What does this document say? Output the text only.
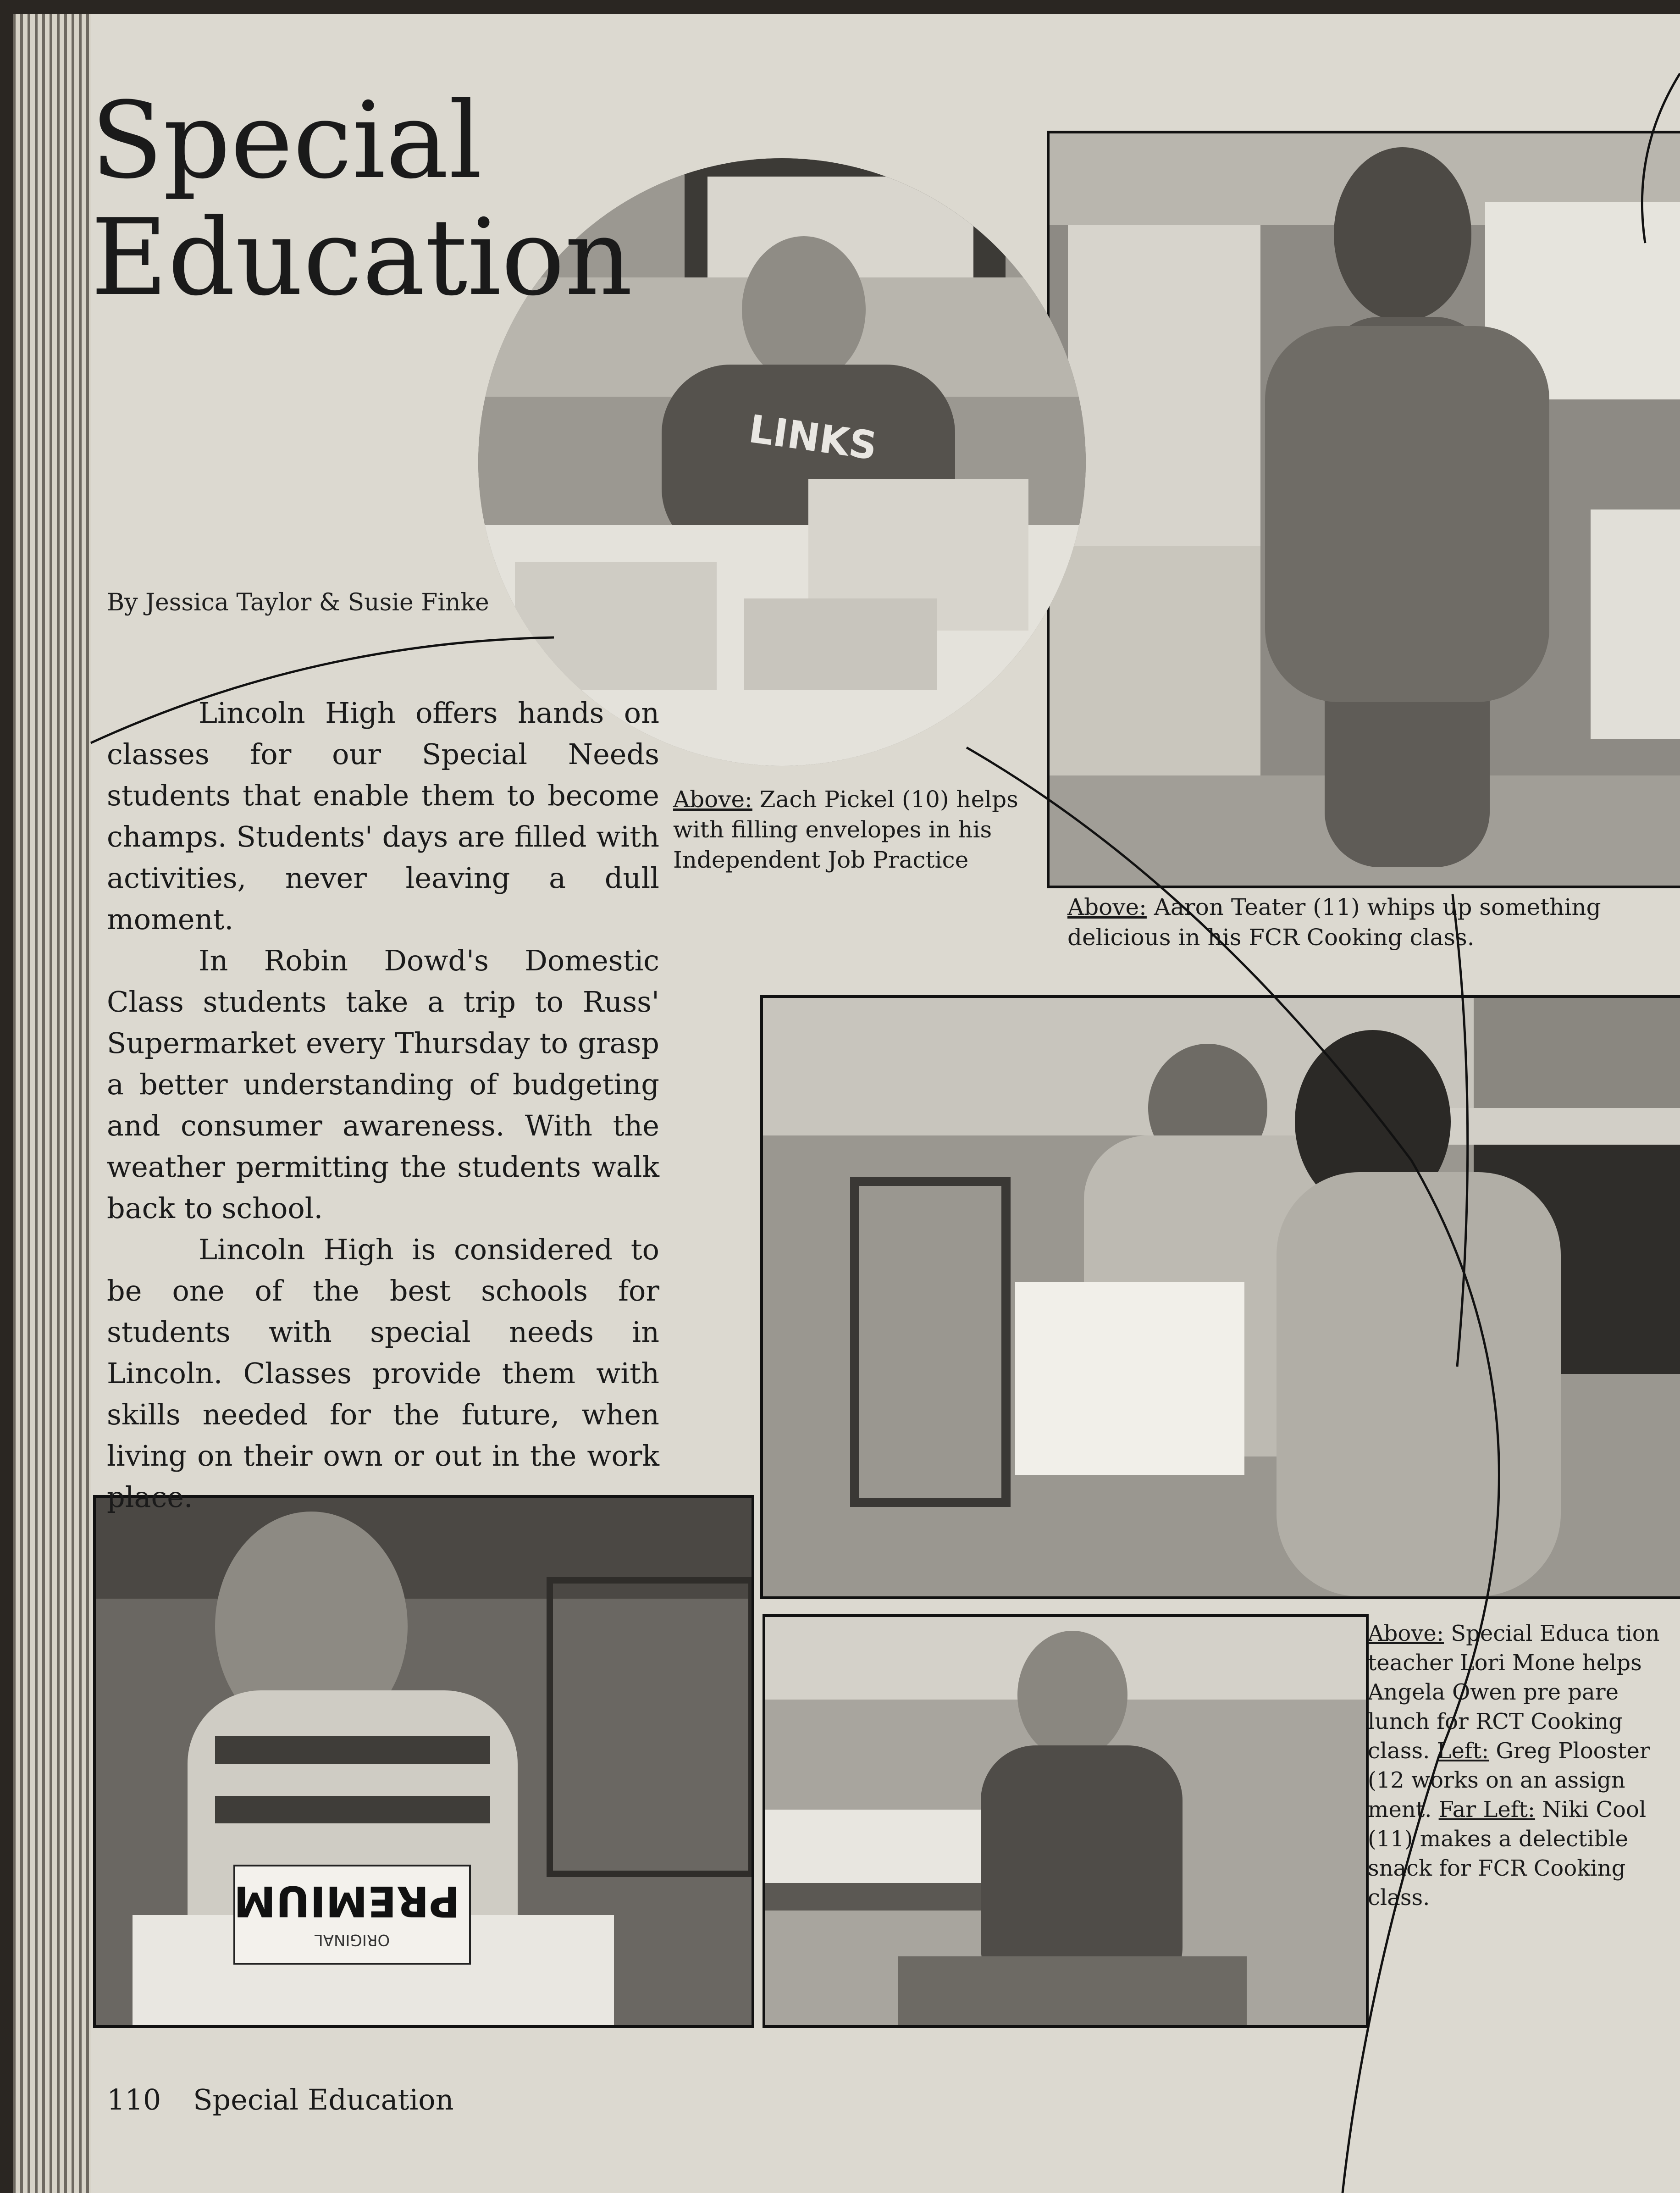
PREMIUM
ORIGINAL
LINKS
Special
Education
By Jessica Taylor & Susie Finke

Lincoln High offers hands on classes for our Special Needs students that enable them to become champs. Students' days are filled with activities, never leaving a dull moment.

In Robin Dowd's Domestic Class students take a trip to Russ' Supermarket every Thursday to grasp a better understanding of budgeting and consumer awareness. With the weather permitting the students walk back to school.

Lincoln High is considered to be one of the best schools for students with special needs in Lincoln. Classes provide them with skills needed for the future, when living on their own or out in the work place.

Above: Zach Pickel (10) helps with filling envelopes in his Independent Job Practice
Above: Aaron Teater (11) whips up something delicious in his FCR Cooking class.
Above: Special Educa tion teacher Lori Mone helps Angela Owen pre pare lunch for RCT Cooking class. Left: Greg Plooster (12 works on an assign ment. Far Left: Niki Cool (11) makes a delectible snack for FCR Cooking class.
110 Special Education
